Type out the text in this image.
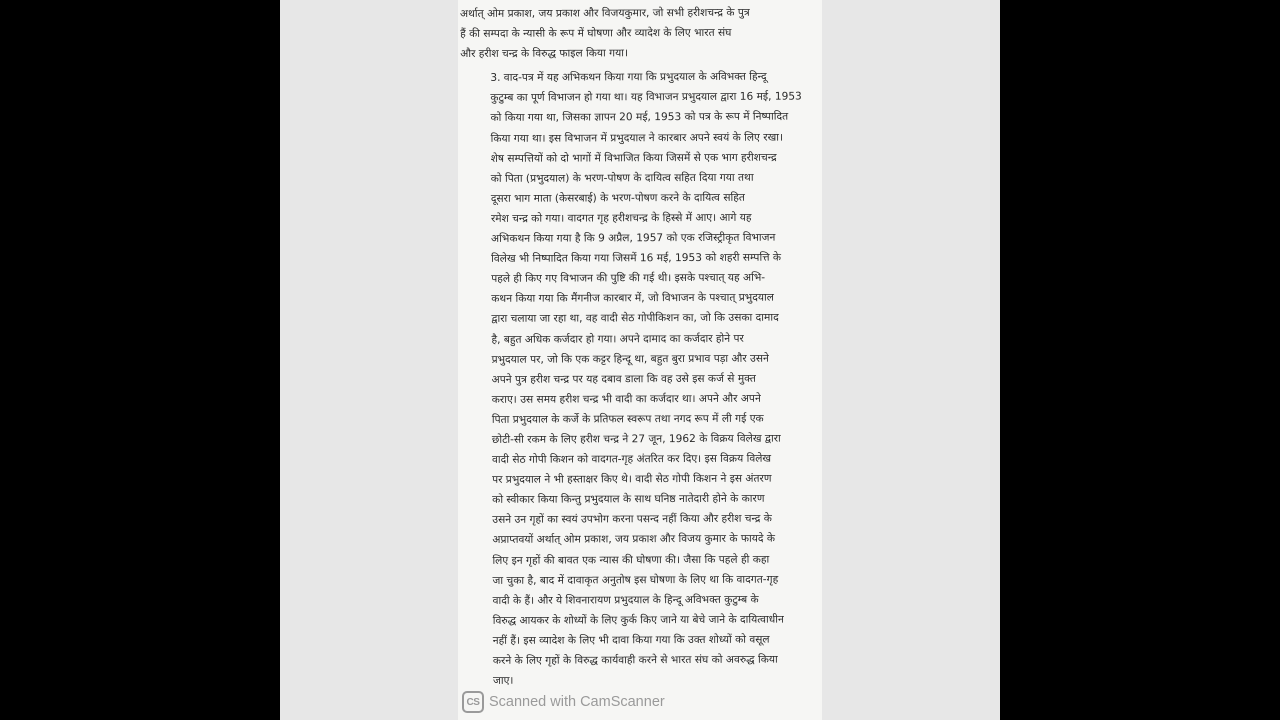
अर्थात् ओम प्रकाश, जय प्रकाश और विजयकुमार, जो सभी हरीशचन्द्र के पुत्र
हैं की सम्पदा के न्यासी के रूप में घोषणा और व्यादेश के लिए भारत संघ
और हरीश चन्द्र के विरुद्ध फाइल किया गया।
3. वाद-पत्र में यह अभिकथन किया गया कि प्रभुदयाल के अविभक्त हिन्दू
कुटुम्ब का पूर्ण विभाजन हो गया था। यह विभाजन प्रभुदयाल द्वारा 16 मई, 1953
को किया गया था, जिसका ज्ञापन 20 मई, 1953 को पत्र के रूप में निष्पादित
किया गया था। इस विभाजन में प्रभुदयाल ने कारबार अपने स्वयं के लिए रखा।
शेष सम्पत्तियों को दो भागों में विभाजित किया जिसमें से एक भाग हरीशचन्द्र
को पिता (प्रभुदयाल) के भरण-पोषण के दायित्व सहित दिया गया तथा
दूसरा भाग माता (केसरबाई) के भरण-पोषण करने के दायित्व सहित
रमेश चन्द्र को गया। वादगत गृह हरीशचन्द्र के हिस्से में आए। आगे यह
अभिकथन किया गया है कि 9 अप्रैल, 1957 को एक रजिस्ट्रीकृत विभाजन
विलेख भी निष्पादित किया गया जिसमें 16 मई, 1953 को शहरी सम्पत्ति के
पहले ही किए गए विभाजन की पुष्टि की गई थी। इसके पश्चात् यह अभि-
कथन किया गया कि मैंगनीज कारबार में, जो विभाजन के पश्चात् प्रभुदयाल
द्वारा चलाया जा रहा था, वह वादी सेठ गोपीकिशन का, जो कि उसका दामाद
है, बहुत अधिक कर्जदार हो गया। अपने दामाद का कर्जदार होने पर
प्रभुदयाल पर, जो कि एक कट्टर हिन्दू था, बहुत बुरा प्रभाव पड़ा और उसने
अपने पुत्र हरीश चन्द्र पर यह दबाव डाला कि वह उसे इस कर्ज से मुक्त
कराए। उस समय हरीश चन्द्र भी वादी का कर्जदार था। अपने और अपने
पिता प्रभुदयाल के कर्जे के प्रतिफल स्वरूप तथा नगद रूप में ली गई एक
छोटी-सी रकम के लिए हरीश चन्द्र ने 27 जून, 1962 के विक्रय विलेख द्वारा
वादी सेठ गोपी किशन को वादगत-गृह अंतरित कर दिए। इस विक्रय विलेख
पर प्रभुदयाल ने भी हस्ताक्षर किए थे। वादी सेठ गोपी किशन ने इस अंतरण
को स्वीकार किया किन्तु प्रभुदयाल के साथ घनिष्ठ नातेदारी होने के कारण
उसने उन गृहों का स्वयं उपभोग करना पसन्द नहीं किया और हरीश चन्द्र के
अप्राप्तवयों अर्थात् ओम प्रकाश, जय प्रकाश और विजय कुमार के फायदे के
लिए इन गृहों की बावत एक न्यास की घोषणा की। जैसा कि पहले ही कहा
जा चुका है, बाद में दावाकृत अनुतोष इस घोषणा के लिए था कि वादगत-गृह
वादी के हैं। और ये शिवनारायण प्रभुदयाल के हिन्दू अविभक्त कुटुम्ब के
विरुद्ध आयकर के शोध्यों के लिए कुर्क किए जाने या बेचे जाने के दायित्वाधीन
नहीं हैं। इस व्यादेश के लिए भी दावा किया गया कि उक्त शोध्यों को वसूल
करने के लिए गृहों के विरुद्ध कार्यवाही करने से भारत संघ को अवरुद्ध किया
जाए।
CS Scanned with CamScanner
